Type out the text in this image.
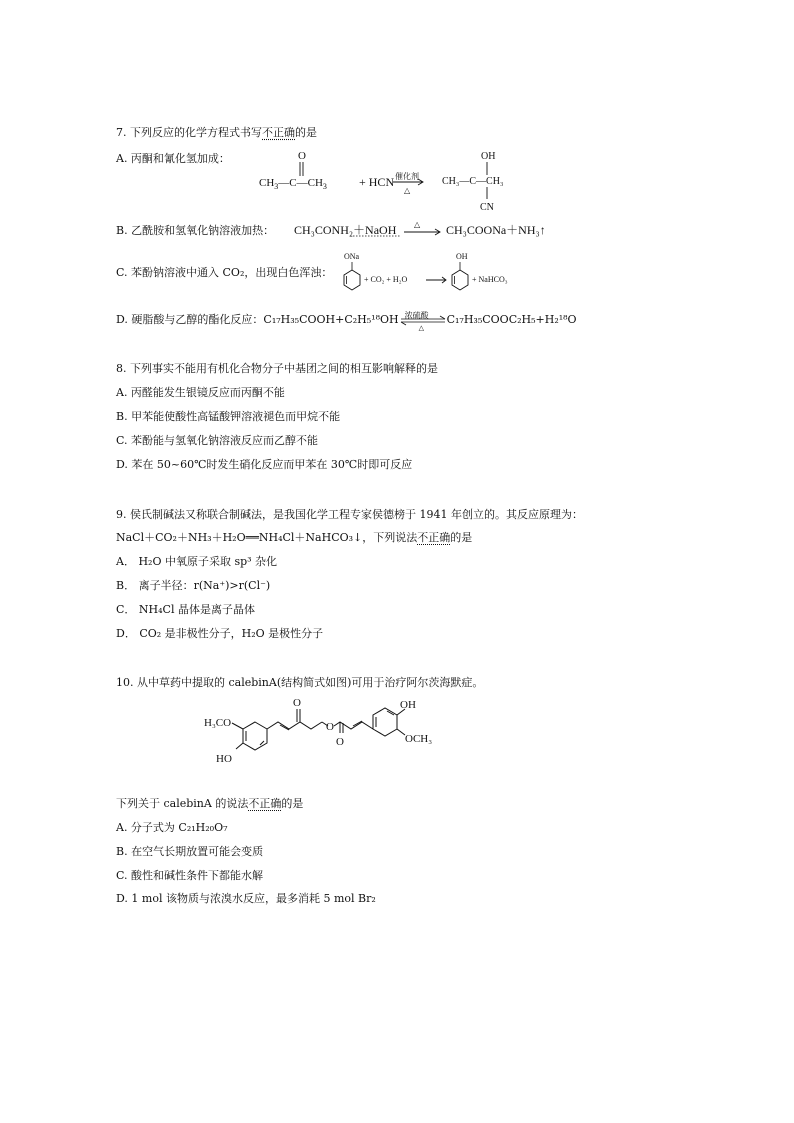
7. 下列反应的化学方程式书写不正确的是
A. 丙酮和氰化氢加成：	O
$CH_3—C—CH_3$	+ HCN 催化剂
△
OH
CH₃—C—CH₃
CN
B. 乙酰胺和氢氧化钠溶液加热： CH₃CONH₂＋NaOH △ CH₃COONa＋NH₃↑
C. 苯酚钠溶液中通入 CO₂，出现白色浑浊：
ONa
+ CO₂ + H₂O
OH
+ NaHCO₃
D. 硬脂酸与乙醇的酯化反应：C₁₇H₃₅COOH+C₂H₅¹⁸OH 浓硫酸
△
C₁₇H₃₅COOC₂H₅+H₂¹⁸O
8. 下列事实不能用有机化合物分子中基团之间的相互影响解释的是
A. 丙醛能发生银镜反应而丙酮不能
B. 甲苯能使酸性高锰酸钾溶液褪色而甲烷不能
C. 苯酚能与氢氧化钠溶液反应而乙醇不能
D. 苯在 50~60℃时发生硝化反应而甲苯在 30℃时即可反应
9. 侯氏制碱法又称联合制碱法，是我国化学工程专家侯德榜于 1941 年创立的。其反应原理为：
NaCl＋CO₂＋NH₃＋H₂O══NH₄Cl＋NaHCO₃↓，下列说法不正确的是
A． H₂O 中氧原子采取 sp³ 杂化
B． 离子半径：r(Na⁺)>r(Cl⁻)
C． NH₄Cl 晶体是离子晶体
D． CO₂ 是非极性分子，H₂O 是极性分子
10. 从中草药中提取的 calebinA(结构简式如图)可用于治疗阿尔茨海默症。
H₃CO
HO
O
O
O
OH
OCH₃
下列关于 calebinA 的说法不正确的是
A. 分子式为 C₂₁H₂₀O₇
B. 在空气长期放置可能会变质
C. 酸性和碱性条件下都能水解
D. 1 mol 该物质与浓溴水反应，最多消耗 5 mol Br₂
